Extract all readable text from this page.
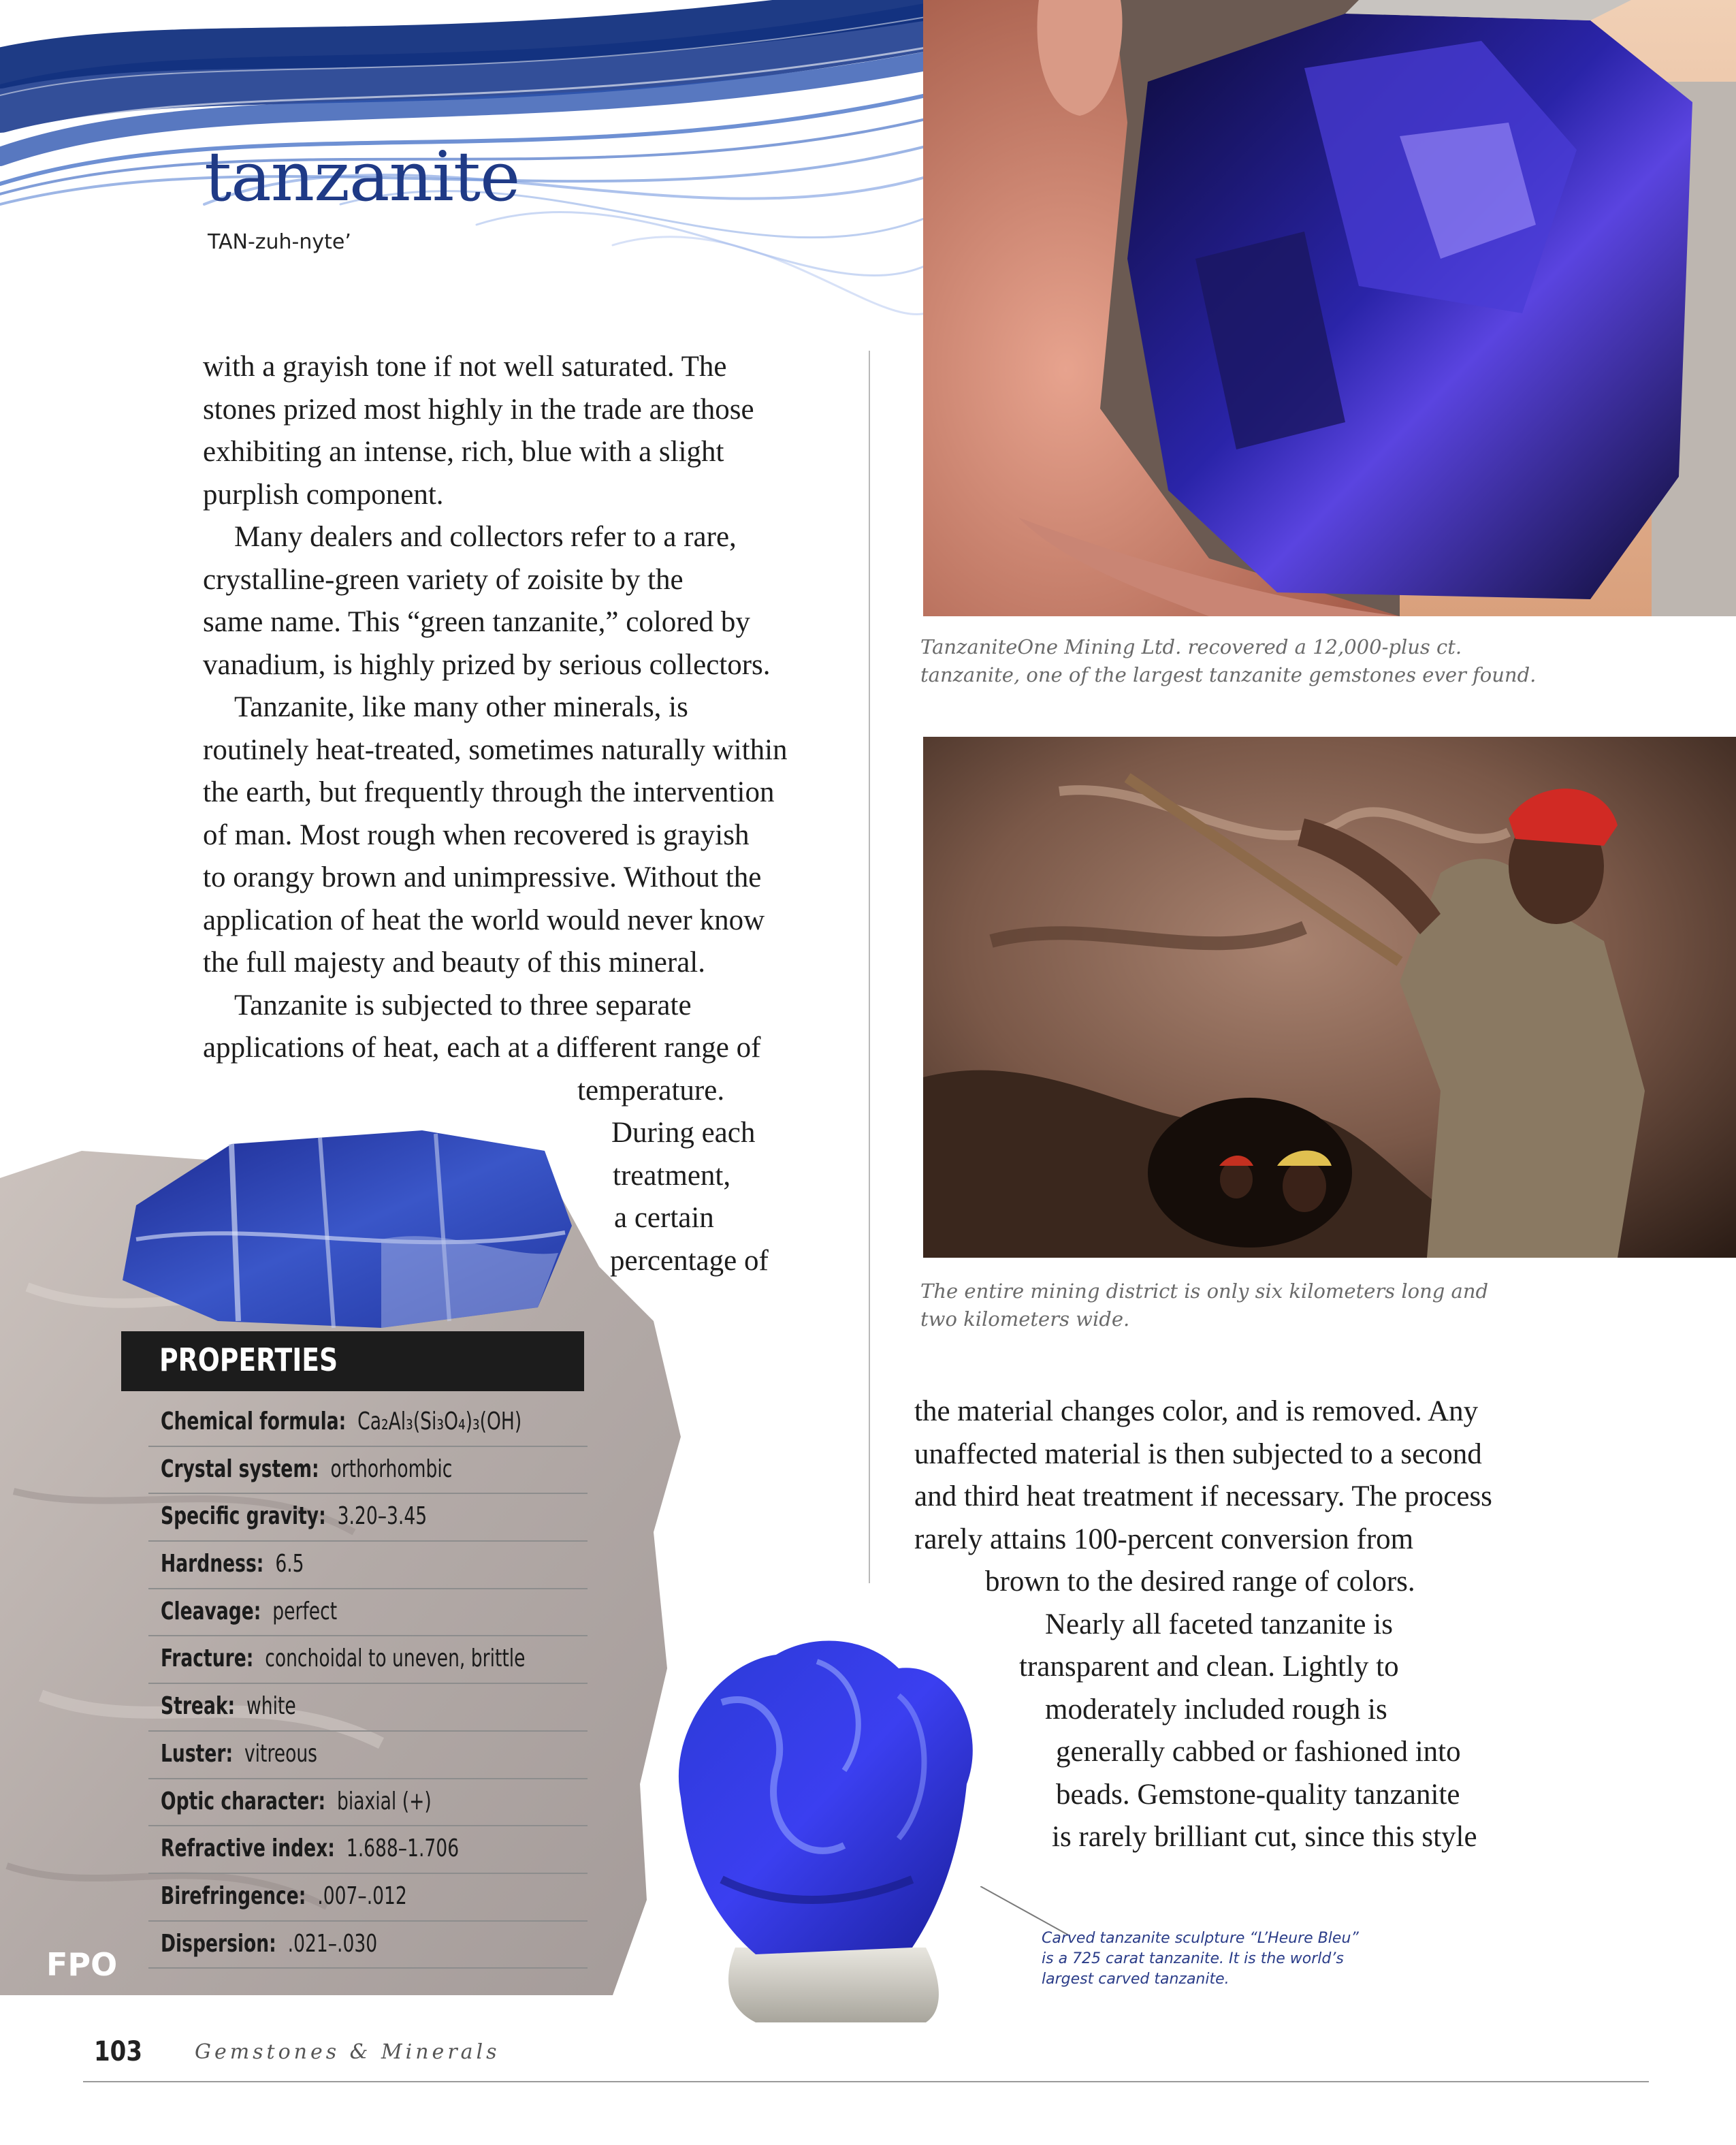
tanzanite
TAN-zuh-nyte’
with a grayish tone if not well saturated. The
stones prized most highly in the trade are those
exhibiting an intense, rich, blue with a slight
purplish component.
Many dealers and collectors refer to a rare,
crystalline-green variety of zoisite by the
same name. This “green tanzanite,” colored by
vanadium, is highly prized by serious collectors.
Tanzanite, like many other minerals, is
routinely heat-treated, sometimes naturally within
the earth, but frequently through the intervention
of man. Most rough when recovered is grayish
to orangy brown and unimpressive. Without the
application of heat the world would never know
the full majesty and beauty of this mineral.
Tanzanite is subjected to three separate
applications of heat, each at a different range of
temperature.
During each
treatment,
a certain
percentage of
TanzaniteOne Mining Ltd. recovered a 12,000-plus ct.
tanzanite, one of the largest tanzanite gemstones ever found.
The entire mining district is only six kilometers long and
two kilometers wide.
PROPERTIES
Chemical formula: Ca₂Al₃(Si₃O₄)₃(OH)
Crystal system: orthorhombic
Specific gravity: 3.20–3.45
Hardness: 6.5
Cleavage: perfect
Fracture: conchoidal to uneven, brittle
Streak: white
Luster: vitreous
Optic character: biaxial (+)
Refractive index: 1.688–1.706
Birefringence: .007–.012
Dispersion: .021–.030
FPO
the material changes color, and is removed. Any
unaffected material is then subjected to a second
and third heat treatment if necessary. The process
rarely attains 100-percent conversion from
brown to the desired range of colors.
Nearly all faceted tanzanite is
transparent and clean. Lightly to
moderately included rough is
generally cabbed or fashioned into
beads. Gemstone-quality tanzanite
is rarely brilliant cut, since this style
Carved tanzanite sculpture “L’Heure Bleu”
is a 725 carat tanzanite. It is the world’s
largest carved tanzanite.
103	Gemstones & Minerals
